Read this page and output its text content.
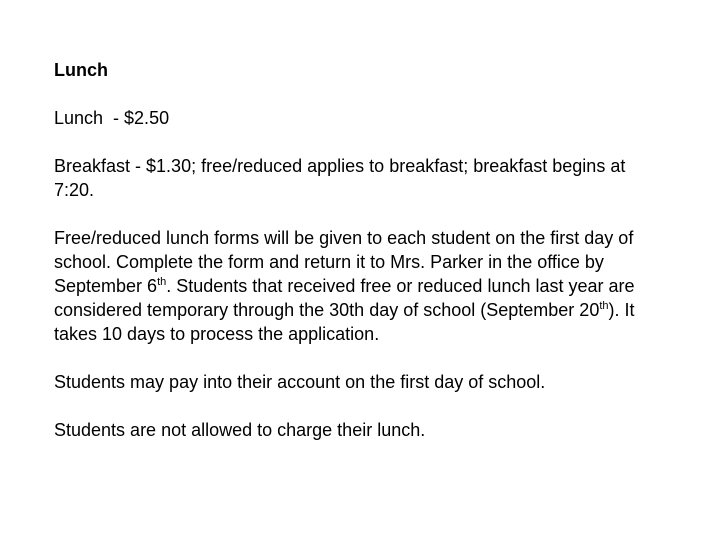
Lunch

Lunch  - $2.50

Breakfast - $1.30; free/reduced applies to breakfast; breakfast begins at 7:20.

Free/reduced lunch forms will be given to each student on the first day of school. Complete the form and return it to Mrs. Parker in the office by September 6th. Students that received free or reduced lunch last year are considered temporary through the 30th day of school (September 20th). It takes 10 days to process the application.

Students may pay into their account on the first day of school.

Students are not allowed to charge their lunch.
